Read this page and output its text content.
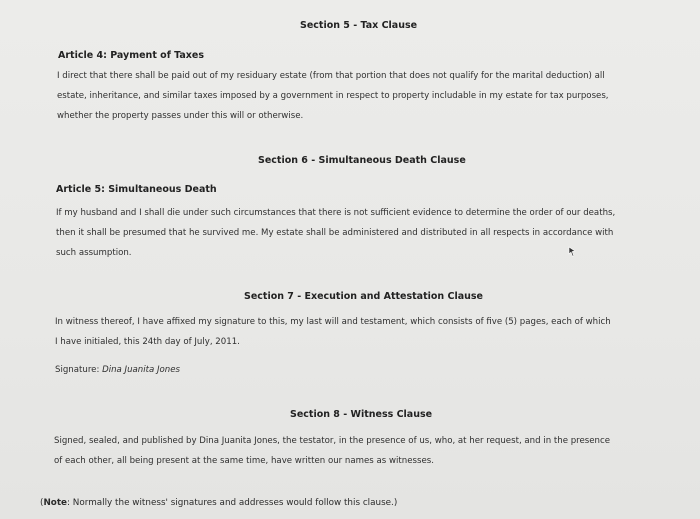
Section 5 - Tax Clause
Article 4: Payment of Taxes
I direct that there shall be paid out of my residuary estate (from that portion that does not qualify for the marital deduction) all
estate, inheritance, and similar taxes imposed by a government in respect to property includable in my estate for tax purposes,
whether the property passes under this will or otherwise.
Section 6 - Simultaneous Death Clause
Article 5: Simultaneous Death
If my husband and I shall die under such circumstances that there is not sufficient evidence to determine the order of our deaths,
then it shall be presumed that he survived me. My estate shall be administered and distributed in all respects in accordance with
such assumption.
Section 7 - Execution and Attestation Clause
In witness thereof, I have affixed my signature to this, my last will and testament, which consists of five (5) pages, each of which
I have initialed, this 24th day of July, 2011.
Signature: Dina Juanita Jones
Section 8 - Witness Clause
Signed, sealed, and published by Dina Juanita Jones, the testator, in the presence of us, who, at her request, and in the presence
of each other, all being present at the same time, have written our names as witnesses.
(Note: Normally the witness' signatures and addresses would follow this clause.)
